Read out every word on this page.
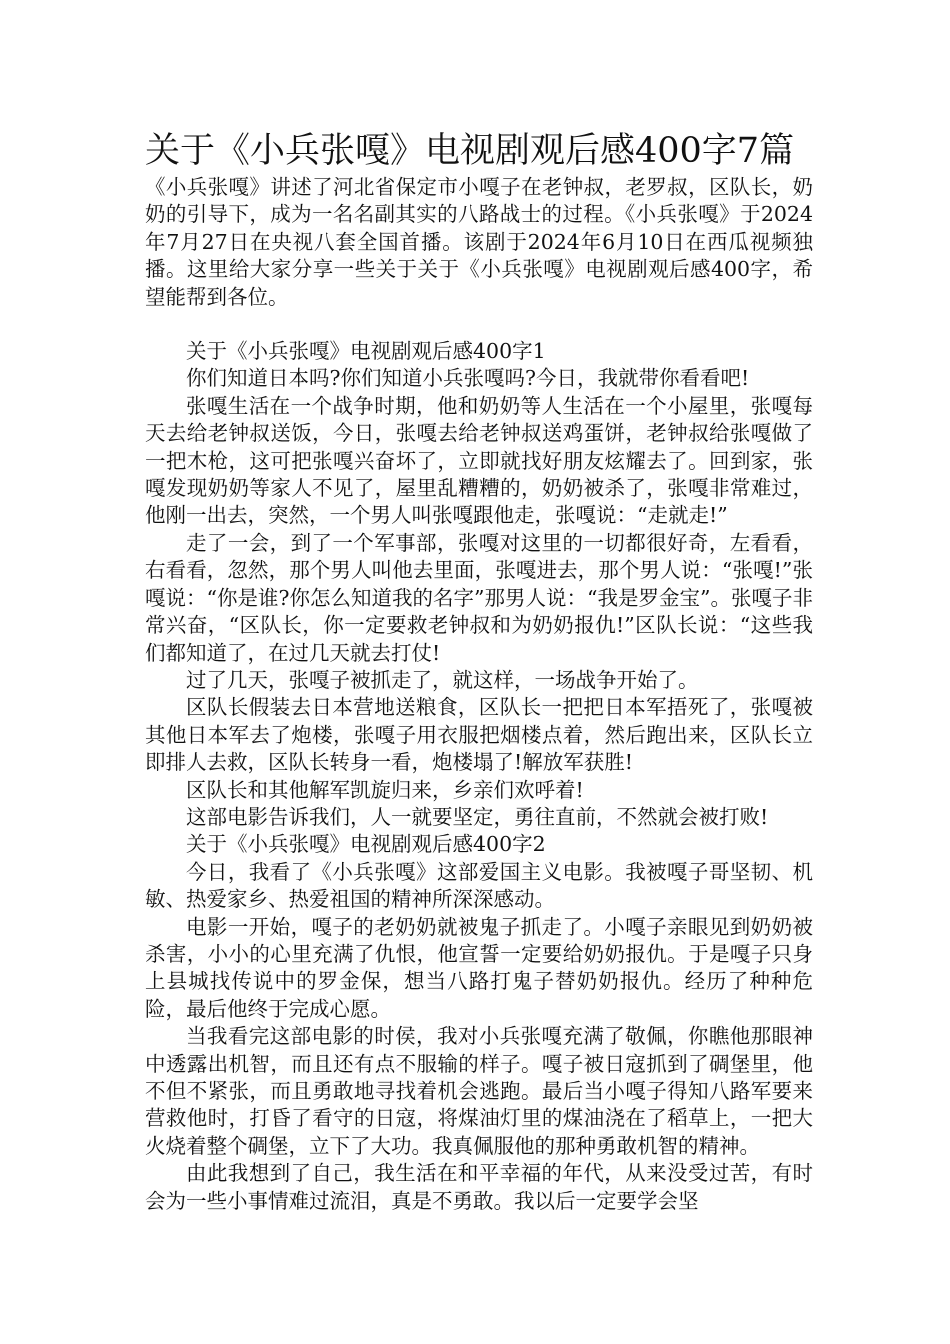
关于《小兵张嘎》电视剧观后感400字7篇

《小兵张嘎》讲述了河北省保定市小嘎子在老钟叔，老罗叔，区队长，奶奶的引导下，成为一名名副其实的八路战士的过程。《小兵张嘎》于2024年7月27日在央视八套全国首播。该剧于2024年6月10日在西瓜视频独播。这里给大家分享一些关于关于《小兵张嘎》电视剧观后感400字，希望能帮到各位。

关于《小兵张嘎》电视剧观后感400字1

你们知道日本吗?你们知道小兵张嘎吗?今日，我就带你看看吧!

张嘎生活在一个战争时期，他和奶奶等人生活在一个小屋里，张嘎每天去给老钟叔送饭，今日，张嘎去给老钟叔送鸡蛋饼，老钟叔给张嘎做了一把木枪，这可把张嘎兴奋坏了，立即就找好朋友炫耀去了。回到家，张嘎发现奶奶等家人不见了，屋里乱糟糟的，奶奶被杀了，张嘎非常难过，他刚一出去，突然，一个男人叫张嘎跟他走，张嘎说：“走就走!”

走了一会，到了一个军事部，张嘎对这里的一切都很好奇，左看看，右看看，忽然，那个男人叫他去里面，张嘎进去，那个男人说：“张嘎!”张嘎说：“你是谁?你怎么知道我的名字”那男人说：“我是罗金宝”。张嘎子非常兴奋，“区队长，你一定要救老钟叔和为奶奶报仇!”区队长说：“这些我们都知道了，在过几天就去打仗!

过了几天，张嘎子被抓走了，就这样，一场战争开始了。

区队长假装去日本营地送粮食，区队长一把把日本军捂死了，张嘎被其他日本军去了炮楼，张嘎子用衣服把烟楼点着，然后跑出来，区队长立即排人去救，区队长转身一看，炮楼塌了!解放军获胜!

区队长和其他解军凯旋归来，乡亲们欢呼着!

这部电影告诉我们，人一就要坚定，勇往直前，不然就会被打败!

关于《小兵张嘎》电视剧观后感400字2

今日，我看了《小兵张嘎》这部爱国主义电影。我被嘎子哥坚韧、机敏、热爱家乡、热爱祖国的精神所深深感动。

电影一开始，嘎子的老奶奶就被鬼子抓走了。小嘎子亲眼见到奶奶被杀害，小小的心里充满了仇恨，他宣誓一定要给奶奶报仇。于是嘎子只身上县城找传说中的罗金保，想当八路打鬼子替奶奶报仇。经历了种种危险，最后他终于完成心愿。

当我看完这部电影的时侯，我对小兵张嘎充满了敬佩，你瞧他那眼神中透露出机智，而且还有点不服输的样子。嘎子被日寇抓到了碉堡里，他不但不紧张，而且勇敢地寻找着机会逃跑。最后当小嘎子得知八路军要来营救他时，打昏了看守的日寇，将煤油灯里的煤油浇在了稻草上，一把大火烧着整个碉堡，立下了大功。我真佩服他的那种勇敢机智的精神。

由此我想到了自己，我生活在和平幸福的年代，从来没受过苦，有时会为一些小事情难过流泪，真是不勇敢。我以后一定要学会坚
